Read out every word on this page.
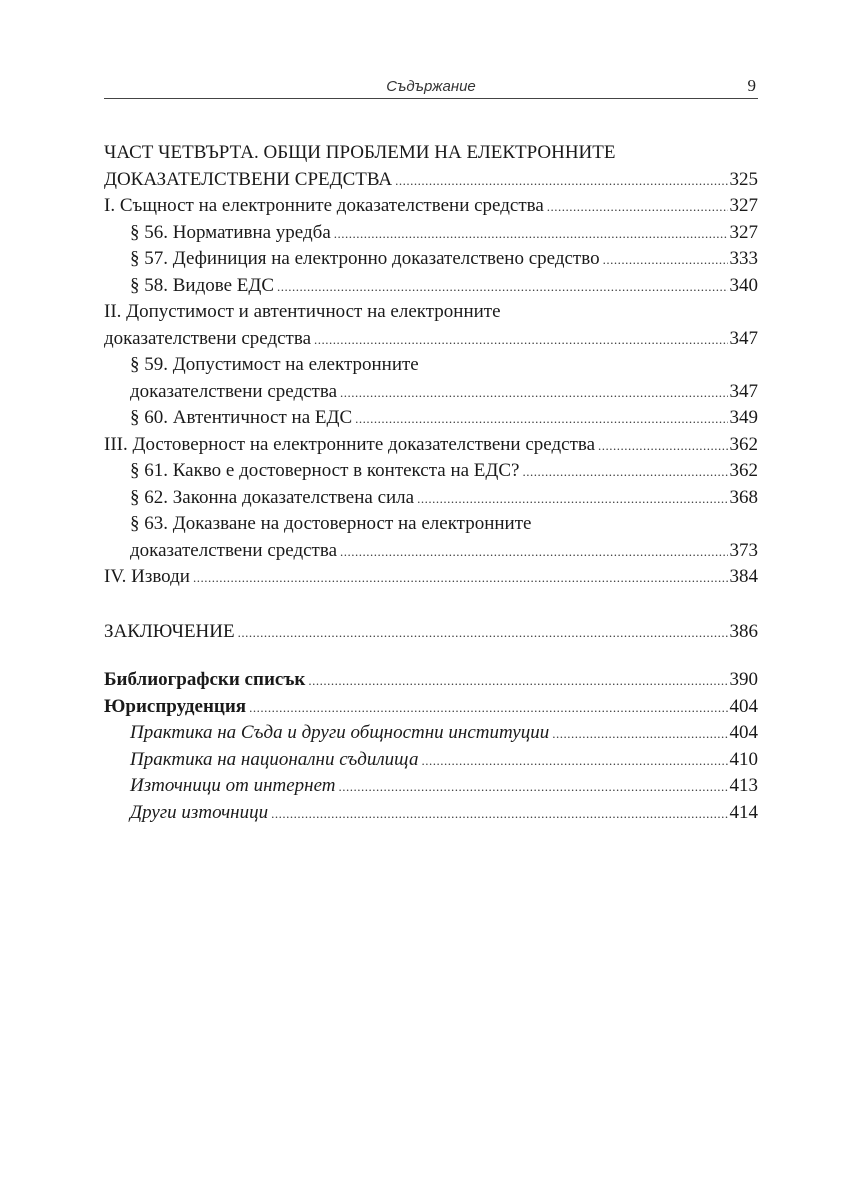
Съдържание	9
ЧАСТ ЧЕТВЪРТА. ОБЩИ ПРОБЛЕМИ НА ЕЛЕКТРОННИТЕ
ДОКАЗАТЕЛСТВЕНИ СРЕДСТВА .....	325
I. Същност на електронните доказателствени средства .....	327
§ 56. Нормативна уредба .....	327
§ 57. Дефиниция на електронно доказателствено средство .....	333
§ 58. Видове ЕДС .....	340
II. Допустимост и автентичност на електронните
доказателствени средства .....	347
§ 59. Допустимост на електронните
доказателствени средства .....	347
§ 60. Автентичност на ЕДС .....	349
III. Достоверност на електронните доказателствени средства .....	362
§ 61. Какво е достоверност в контекста на ЕДС? .....	362
§ 62. Законна доказателствена сила .....	368
§ 63. Доказване на достоверност на електронните
доказателствени средства .....	373
IV. Изводи .....	384
ЗАКЛЮЧЕНИЕ .....	386
Библиографски списък .....	390
Юриспруденция .....	404
Практика на Съда и други общностни институции .....	404
Практика на национални съдилища .....	410
Източници от интернет .....	413
Други източници .....	414
